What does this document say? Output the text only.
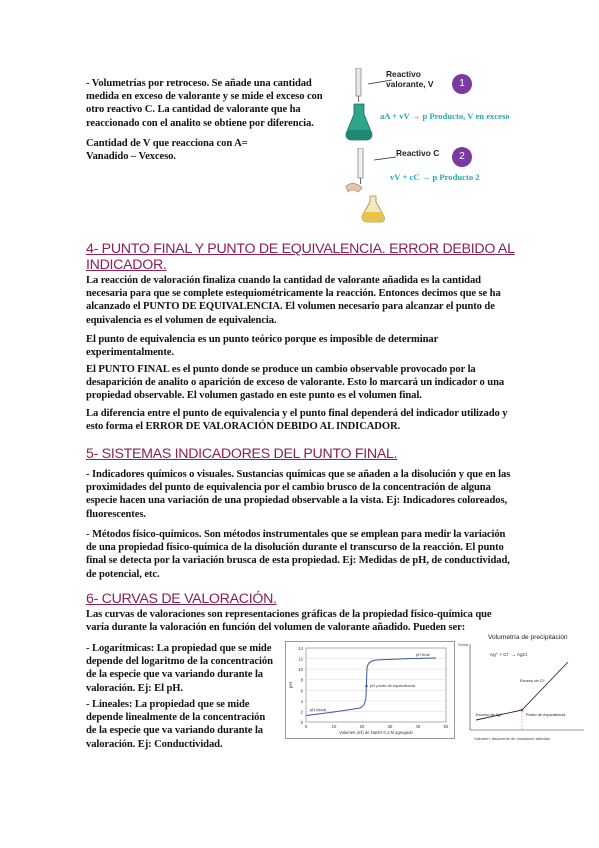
- Volumetrías por retroceso. Se añade una cantidad medida en exceso de valorante y se mide el exceso con otro reactivo C. La cantidad de valorante que ha reaccionado con el analito se obtiene por diferencia.

Cantidad de V que reacciona con A= Vanadido – Vexceso.

Reactivo valorante, V	1
aA + vV → p Producto, V en exceso
Reactivo C	2
vV + cC → p Producto 2
4- PUNTO FINAL Y PUNTO DE EQUIVALENCIA. ERROR DEBIDO AL INDICADOR.

La reacción de valoración finaliza cuando la cantidad de valorante añadida es la cantidad necesaria para que se complete estequiométricamente la reacción. Entonces decimos que se ha alcanzado el PUNTO DE EQUIVALENCIA. El volumen necesario para alcanzar el punto de equivalencia es el volumen de equivalencia.

El punto de equivalencia es un punto teórico porque es imposible de determinar experimentalmente.

El PUNTO FINAL es el punto donde se produce un cambio observable provocado por la desaparición de analito o aparición de exceso de valorante. Esto lo marcará un indicador o una propiedad observable. El volumen gastado en este punto es el volumen final.

La diferencia entre el punto de equivalencia y el punto final dependerá del indicador utilizado y esto forma el ERROR DE VALORACIÓN DEBIDO AL INDICADOR.

5- SISTEMAS INDICADORES DEL PUNTO FINAL.

- Indicadores químicos o visuales. Sustancias químicas que se añaden a la disolución y que en las proximidades del punto de equivalencia por el cambio brusco de la concentración de alguna especie hacen una variación de una propiedad observable a la vista. Ej: Indicadores coloreados, fluorescentes.

- Métodos físico-químicos. Son métodos instrumentales que se emplean para medir la variación de una propiedad físico-química de la disolución durante el transcurso de la reacción. El punto final se detecta por la variación brusca de esta propiedad. Ej: Medidas de pH, de conductividad, de potencial, etc.

6- CURVAS DE VALORACIÓN.

Las curvas de valoraciones son representaciones gráficas de la propiedad físico-química que varía durante la valoración en función del volumen de valorante añadido. Pueden ser:

- Logarítmicas: La propiedad que se mide depende del logaritmo de la concentración de la especie que va variando durante la valoración. Ej: El pH.

- Lineales: La propiedad que se mide depende linealmente de la concentración de la especie que va variando durante la valoración. Ej: Conductividad.

14
12
10
8
6
4
2
0
0	10	20	30	40	50
pH
Volumen (ml) de NaOH 0,1 M agregado
pH final
pH punto de equivalencia
pH inicial
Volumetría de precipitación
Señal
Ag⁺ + Cl⁻ → AgCl
Exceso de Cl⁻
Exceso de Ag⁺	Punto de equivalencia
Volumen, disolvente de valoración añadido
